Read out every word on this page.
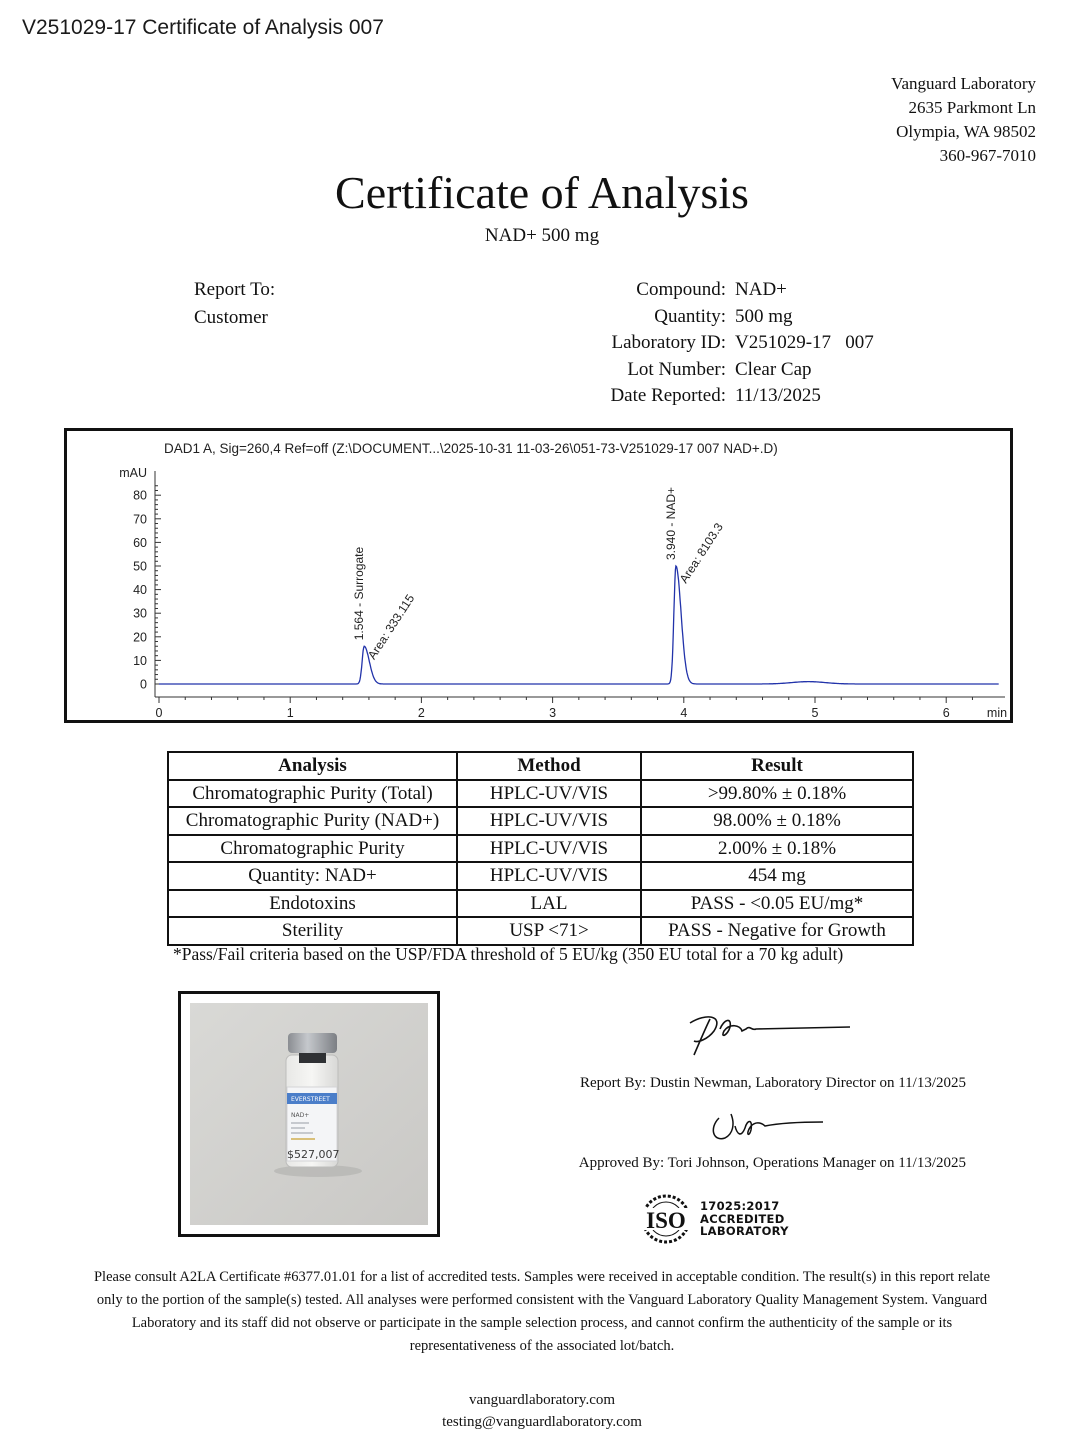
V251029-17 Certificate of Analysis 007
Vanguard Laboratory
2635 Parkmont Ln
Olympia, WA 98502
360-967-7010
Certificate of Analysis
NAD+ 500 mg
Report To:
Customer
Compound: NAD+
Quantity: 500 mg
Laboratory ID: V251029-17   007
Lot Number: Clear Cap
Date Reported: 11/13/2025
DAD1 A, Sig=260,4 Ref=off (Z:\DOCUMENT...\2025-10-31 11-03-26\051-73-V251029-17 007 NAD+.D)
0
10
20
30
40
50
60
70
80
mAU
0	1	2	3	4	5	6	min
1.564 - Surrogate
Area: 333.115
3.940 - NAD+
Area: 8103.3
Analysis	Method	Result
Chromatographic Purity (Total)	HPLC-UV/VIS	>99.80% ± 0.18%
Chromatographic Purity (NAD+)	HPLC-UV/VIS	98.00% ± 0.18%
Chromatographic Purity	HPLC-UV/VIS	2.00% ± 0.18%
Quantity: NAD+	HPLC-UV/VIS	454 mg
Endotoxins	LAL	PASS - <0.05 EU/mg*
Sterility	USP <71>	PASS - Negative for Growth
*Pass/Fail criteria based on the USP/FDA threshold of 5 EU/kg (350 EU total for a 70 kg adult)
EVERSTREET
NAD+
$527,007
Report By: Dustin Newman, Laboratory Director on 11/13/2025
Approved By: Tori Johnson, Operations Manager on 11/13/2025
ISO
17025:2017
ACCREDITED
LABORATORY
Please consult A2LA Certificate #6377.01.01 for a list of accredited tests. Samples were received in acceptable condition. The result(s) in this report relate only to the portion of the sample(s) tested. All analyses were performed consistent with the Vanguard Laboratory Quality Management System. Vanguard Laboratory and its staff did not observe or participate in the sample selection process, and cannot confirm the authenticity of the sample or its representativeness of the associated lot/batch.
vanguardlaboratory.com
testing@vanguardlaboratory.com
